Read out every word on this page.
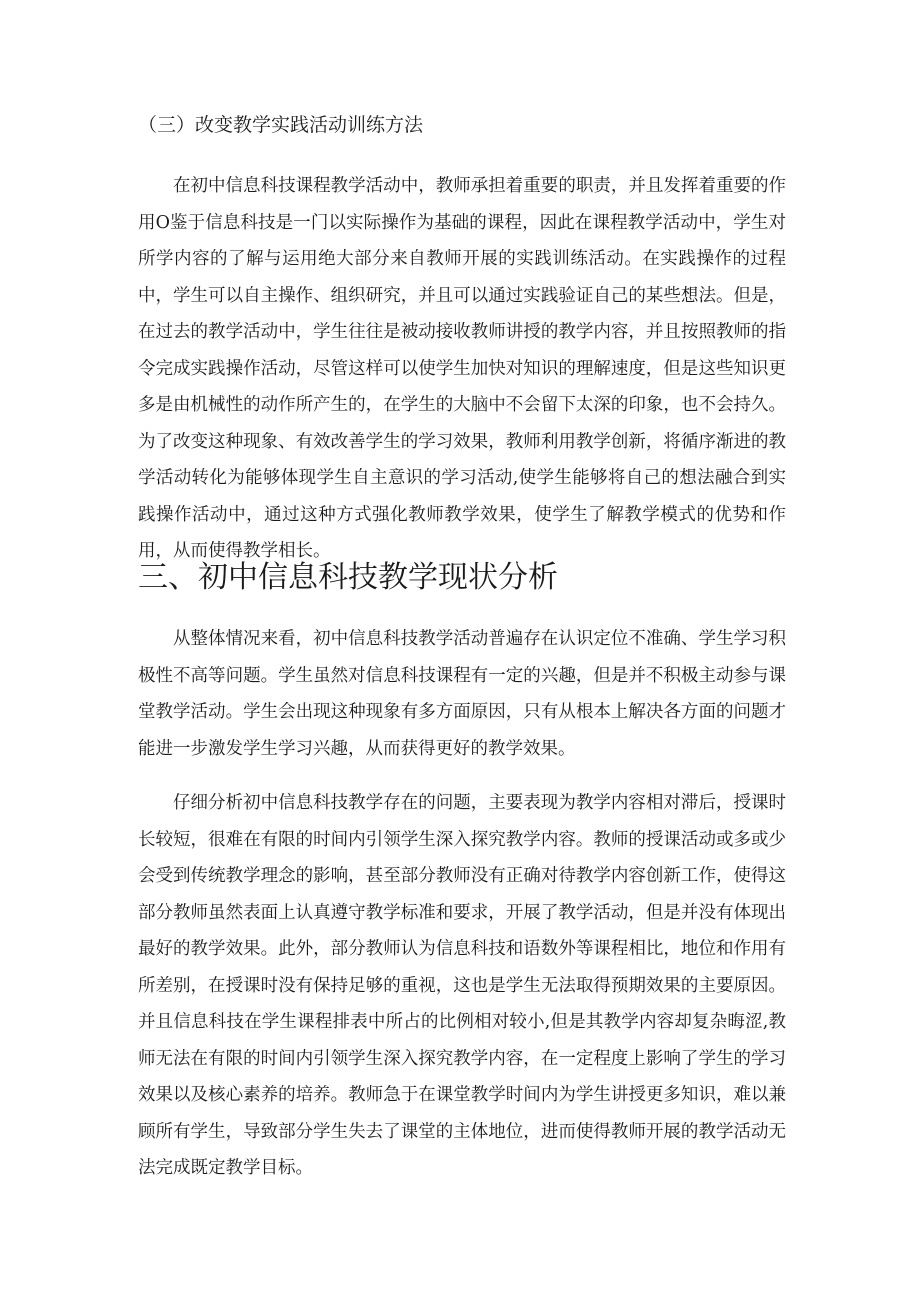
（三）改变教学实践活动训练方法

在初中信息科技课程教学活动中，教师承担着重要的职责，并且发挥着重要的作用O鉴于信息科技是一门以实际操作为基础的课程，因此在课程教学活动中，学生对所学内容的了解与运用绝大部分来自教师开展的实践训练活动。在实践操作的过程中，学生可以自主操作、组织研究，并且可以通过实践验证自己的某些想法。但是，在过去的教学活动中，学生往往是被动接收教师讲授的教学内容，并且按照教师的指令完成实践操作活动，尽管这样可以使学生加快对知识的理解速度，但是这些知识更多是由机械性的动作所产生的，在学生的大脑中不会留下太深的印象，也不会持久。为了改变这种现象、有效改善学生的学习效果，教师利用教学创新，将循序渐进的教学活动转化为能够体现学生自主意识的学习活动,使学生能够将自己的想法融合到实践操作活动中，通过这种方式强化教师教学效果，使学生了解教学模式的优势和作用，从而使得教学相长。

三、初中信息科技教学现状分析

从整体情况来看，初中信息科技教学活动普遍存在认识定位不准确、学生学习积极性不高等问题。学生虽然对信息科技课程有一定的兴趣，但是并不积极主动参与课堂教学活动。学生会出现这种现象有多方面原因，只有从根本上解决各方面的问题才能进一步激发学生学习兴趣，从而获得更好的教学效果。

仔细分析初中信息科技教学存在的问题，主要表现为教学内容相对滞后，授课时长较短，很难在有限的时间内引领学生深入探究教学内容。教师的授课活动或多或少会受到传统教学理念的影响，甚至部分教师没有正确对待教学内容创新工作，使得这部分教师虽然表面上认真遵守教学标准和要求，开展了教学活动，但是并没有体现出最好的教学效果。此外，部分教师认为信息科技和语数外等课程相比，地位和作用有所差别，在授课时没有保持足够的重视，这也是学生无法取得预期效果的主要原因。并且信息科技在学生课程排表中所占的比例相对较小,但是其教学内容却复杂晦涩,教师无法在有限的时间内引领学生深入探究教学内容，在一定程度上影响了学生的学习效果以及核心素养的培养。教师急于在课堂教学时间内为学生讲授更多知识，难以兼顾所有学生，导致部分学生失去了课堂的主体地位，进而使得教师开展的教学活动无法完成既定教学目标。
